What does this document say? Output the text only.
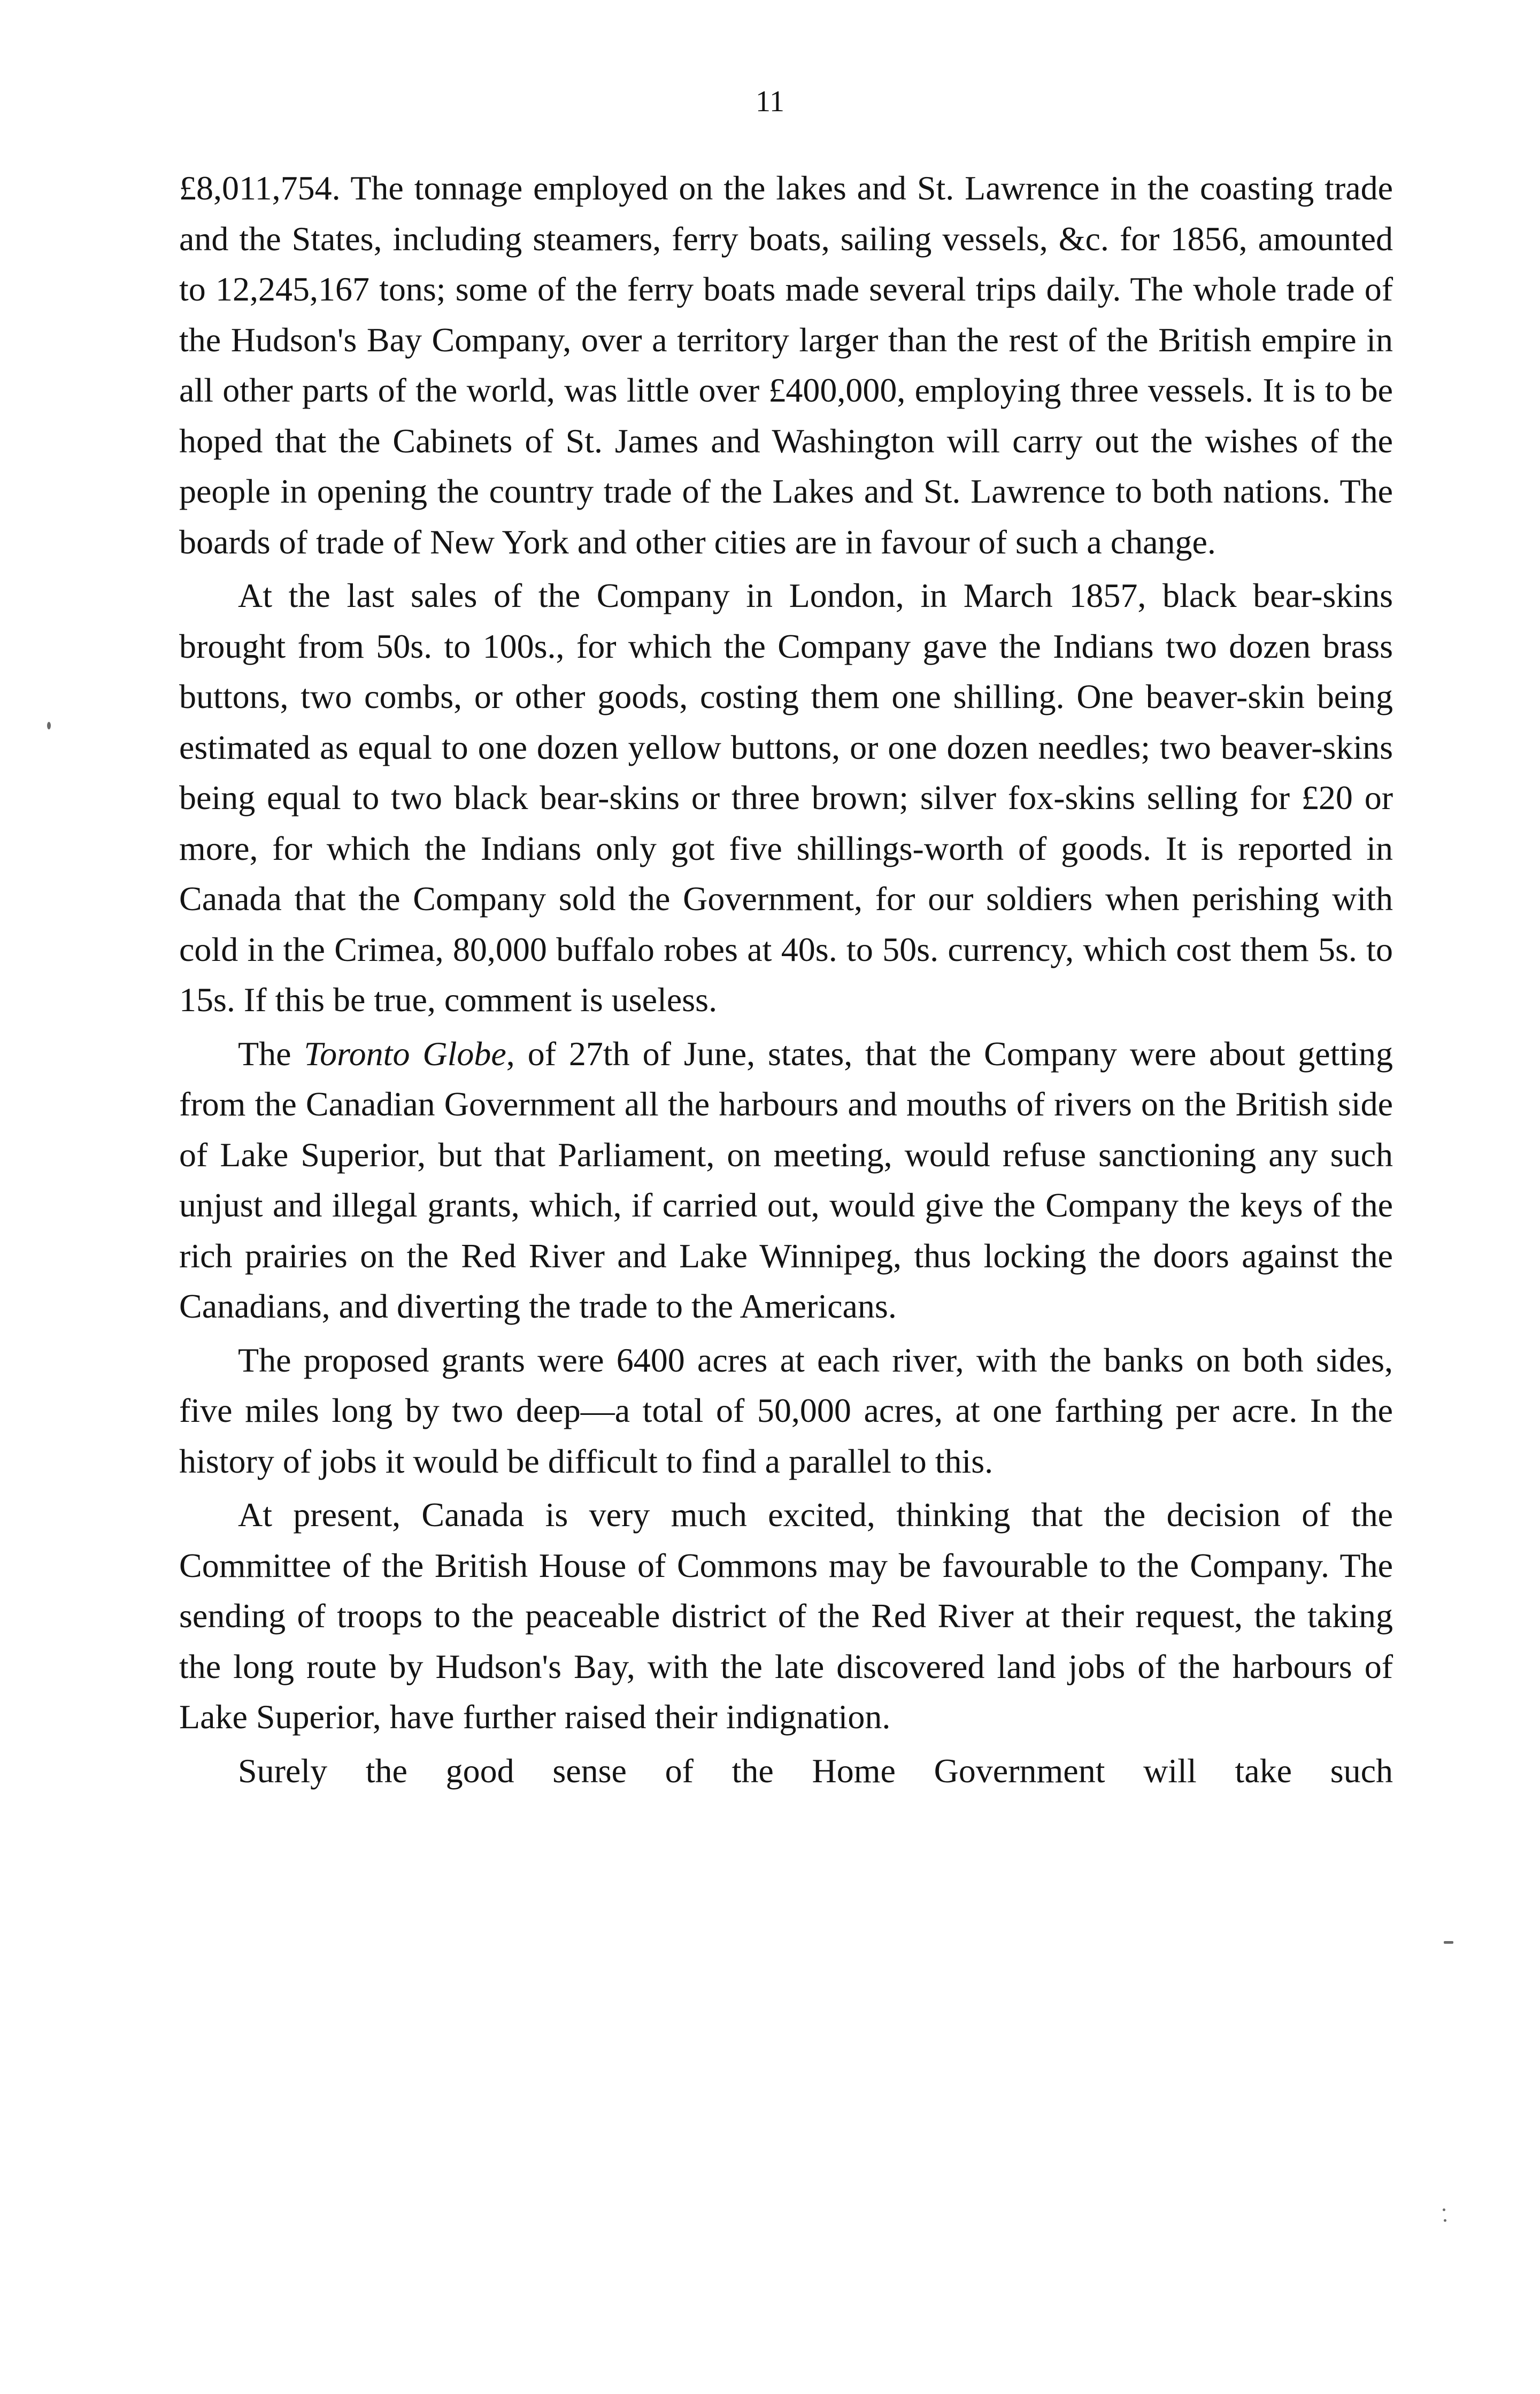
11

£8,011,754. The tonnage employed on the lakes and St. Lawrence in the coasting trade and the States, including steamers, ferry boats, sailing vessels, &c. for 1856, amounted to 12,245,167 tons; some of the ferry boats made several trips daily. The whole trade of the Hudson's Bay Company, over a territory larger than the rest of the British empire in all other parts of the world, was little over £400,000, employing three vessels. It is to be hoped that the Cabinets of St. James and Washington will carry out the wishes of the people in opening the country trade of the Lakes and St. Lawrence to both nations. The boards of trade of New York and other cities are in favour of such a change.

At the last sales of the Company in London, in March 1857, black bear-skins brought from 50s. to 100s., for which the Company gave the Indians two dozen brass buttons, two combs, or other goods, costing them one shilling. One beaver-skin being estimated as equal to one dozen yellow buttons, or one dozen needles; two beaver-skins being equal to two black bear-skins or three brown; silver fox-skins selling for £20 or more, for which the Indians only got five shillings-worth of goods. It is reported in Canada that the Company sold the Government, for our soldiers when perishing with cold in the Crimea, 80,000 buffalo robes at 40s. to 50s. currency, which cost them 5s. to 15s. If this be true, comment is useless.

The Toronto Globe, of 27th of June, states, that the Company were about getting from the Canadian Government all the harbours and mouths of rivers on the British side of Lake Superior, but that Parliament, on meeting, would refuse sanctioning any such unjust and illegal grants, which, if carried out, would give the Company the keys of the rich prairies on the Red River and Lake Winnipeg, thus locking the doors against the Canadians, and diverting the trade to the Americans.

The proposed grants were 6400 acres at each river, with the banks on both sides, five miles long by two deep—a total of 50,000 acres, at one farthing per acre. In the history of jobs it would be difficult to find a parallel to this.

At present, Canada is very much excited, thinking that the decision of the Committee of the British House of Commons may be favourable to the Company. The sending of troops to the peaceable district of the Red River at their request, the taking the long route by Hudson's Bay, with the late discovered land jobs of the harbours of Lake Superior, have further raised their indignation.

Surely the good sense of the Home Government will take such
